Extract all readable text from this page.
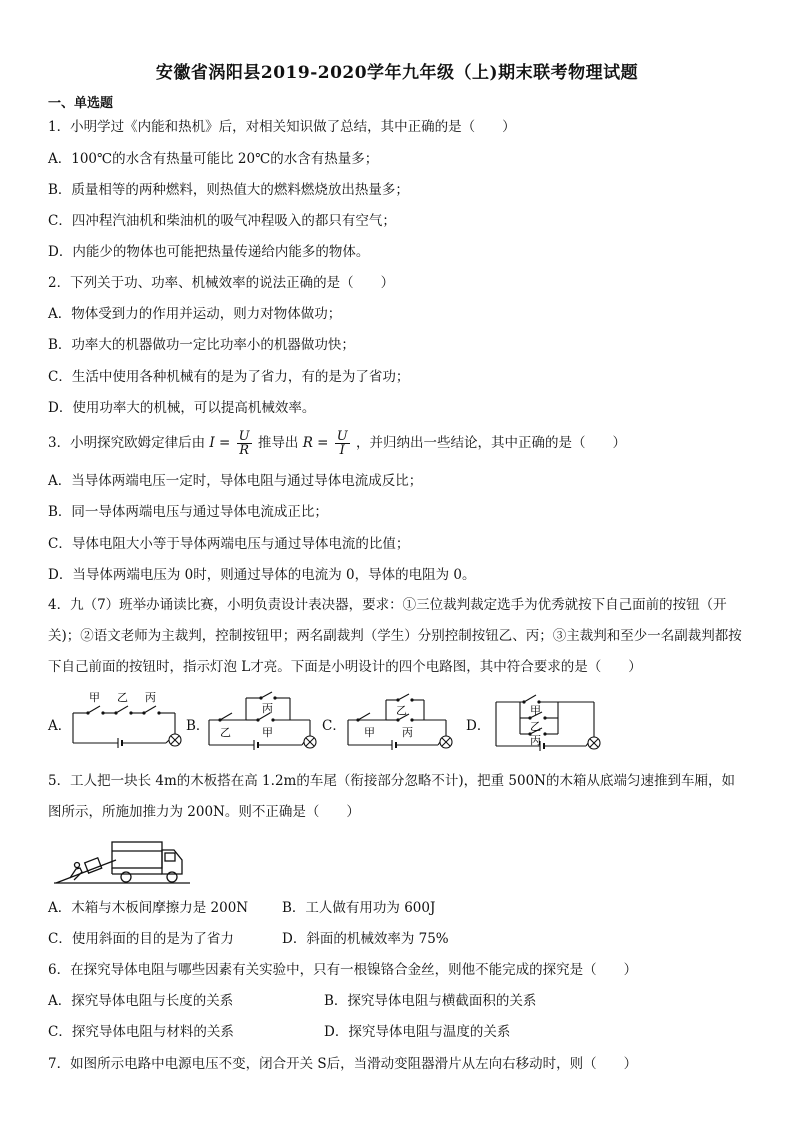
安徽省涡阳县2019-2020学年九年级（上)期末联考物理试题
一、单选题
1．小明学过《内能和热机》后，对相关知识做了总结，其中正确的是（　　）
A．100℃的水含有热量可能比 20℃的水含有热量多；
B．质量相等的两种燃料，则热值大的燃料燃烧放出热量多；
C．四冲程汽油机和柴油机的吸气冲程吸入的都只有空气；
D．内能少的物体也可能把热量传递给内能多的物体。
2．下列关于功、功率、机械效率的说法正确的是（　　）
A．物体受到力的作用并运动，则力对物体做功；
B．功率大的机器做功一定比功率小的机器做功快；
C．生活中使用各种机械有的是为了省力，有的是为了省功；
D．使用功率大的机械，可以提高机械效率。
3．小明探究欧姆定律后由 $I = \frac{U}{R}$ 推导出 $R = \frac{U}{I}$ ，并归纳出一些结论，其中正确的是（　　）
A．当导体两端电压一定时，导体电阻与通过导体电流成反比；
B．同一导体两端电压与通过导体电流成正比；
C．导体电阻大小等于导体两端电压与通过导体电流的比值；
D．当导体两端电压为 0时，则通过导体的电流为 0，导体的电阻为 0。
4．九（7）班举办诵读比赛，小明负责设计表决器，要求：①三位裁判裁定选手为优秀就按下自己面前的按钮（开关)；②语文老师为主裁判，控制按钮甲；两名副裁判（学生）分别控制按钮乙、丙；③主裁判和至少一名副裁判都按下自己前面的按钮时，指示灯泡 L才亮。下面是小明设计的四个电路图，其中符合要求的是（　　）
A．
甲 乙 丙
B．
丙
乙	甲	C．
乙
甲 丙	D．
甲
乙
丙
5．工人把一块长 4m的木板搭在高 1.2m的车尾（衔接部分忽略不计)，把重 500N的木箱从底端匀速推到车厢，如图所示，所施加推力为 200N。则不正确是（　　）
A．木箱与木板间摩擦力是 200N	B．工人做有用功为 600J
C．使用斜面的目的是为了省力	D．斜面的机械效率为 75%
6．在探究导体电阻与哪些因素有关实验中，只有一根镍铬合金丝，则他不能完成的探究是（　　）
A．探究导体电阻与长度的关系	B．探究导体电阻与横截面积的关系
C．探究导体电阻与材料的关系	D．探究导体电阻与温度的关系
7．如图所示电路中电源电压不变，闭合开关 S后，当滑动变阻器滑片从左向右移动时，则（　　）
